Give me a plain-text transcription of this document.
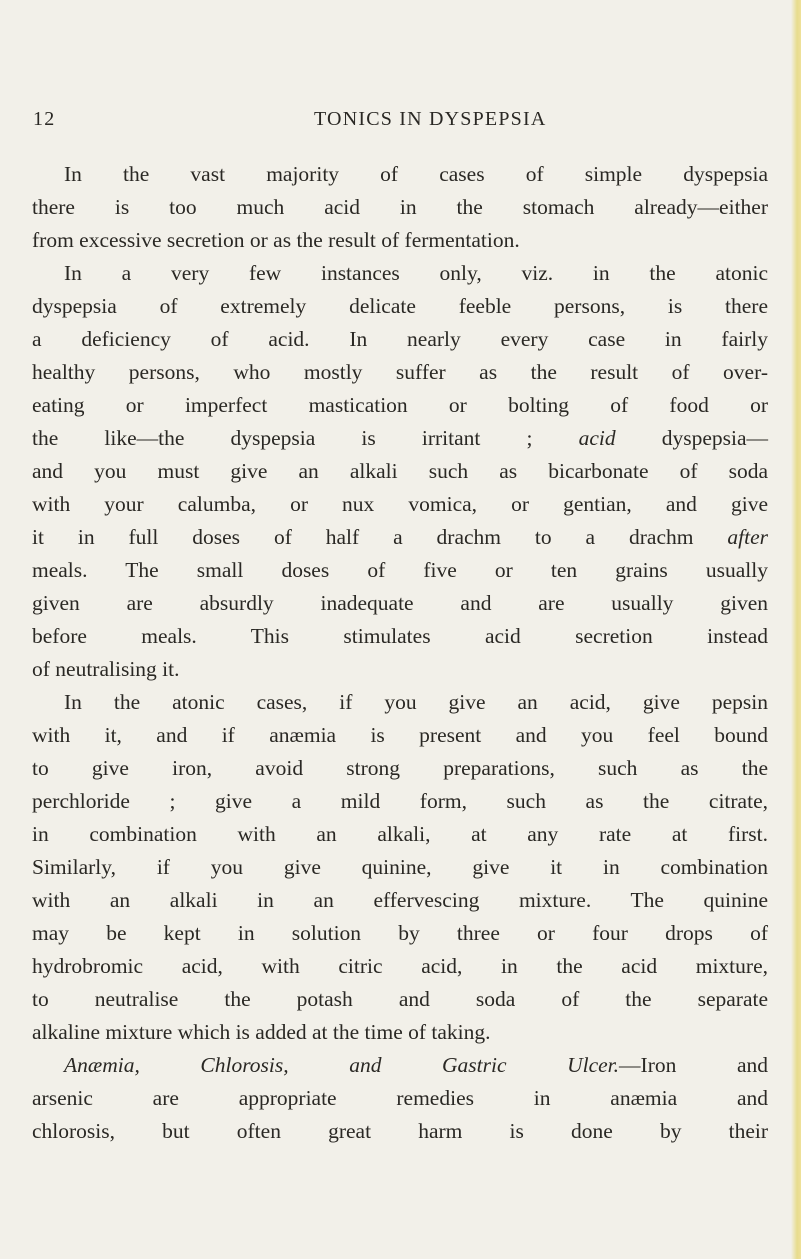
12	TONICS IN DYSPEPSIA
In the vast majority of cases of simple dyspepsia
there is too much acid in the stomach already—either
from excessive secretion or as the result of fermentation.
In a very few instances only, viz. in the atonic
dyspepsia of extremely delicate feeble persons, is there
a deficiency of acid. In nearly every case in fairly
healthy persons, who mostly suffer as the result of over-
eating or imperfect mastication or bolting of food or
the like—the dyspepsia is irritant ; acid dyspepsia—
and you must give an alkali such as bicarbonate of soda
with your calumba, or nux vomica, or gentian, and give
it in full doses of half a drachm to a drachm after
meals. The small doses of five or ten grains usually
given are absurdly inadequate and are usually given
before meals. This stimulates acid secretion instead
of neutralising it.
In the atonic cases, if you give an acid, give pepsin
with it, and if anæmia is present and you feel bound
to give iron, avoid strong preparations, such as the
perchloride ; give a mild form, such as the citrate,
in combination with an alkali, at any rate at first.
Similarly, if you give quinine, give it in combination
with an alkali in an effervescing mixture. The quinine
may be kept in solution by three or four drops of
hydrobromic acid, with citric acid, in the acid mixture,
to neutralise the potash and soda of the separate
alkaline mixture which is added at the time of taking.
Anæmia, Chlorosis, and Gastric Ulcer.—Iron and
arsenic are appropriate remedies in anæmia and
chlorosis, but often great harm is done by their
